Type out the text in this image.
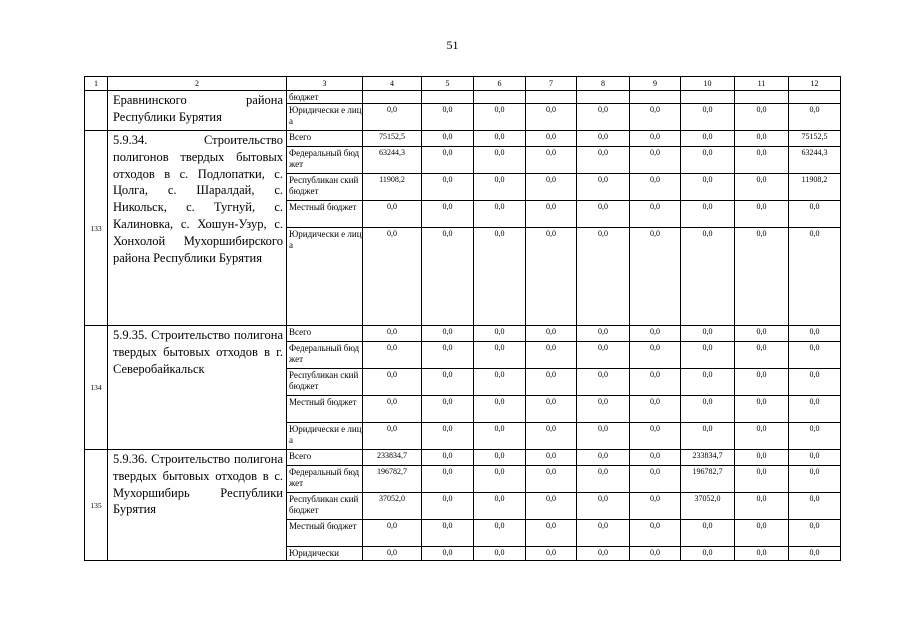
51
1	2	3	4	5	6	7	8	9	10	11	12

	Еравнинского района Республики Бурятия	бюджет									
		Юридически е лица	0,0	0,0	0,0	0,0	0,0	0,0	0,0	0,0	0,0
133	5.9.34. Строительство полигонов твердых бытовых отходов в с. Подлопатки, с. Цолга, с. Шаралдай, с. Никольск, с. Тугнуй, с. Калиновка, с. Хошун-Узур, с. Хонхолой Мухоршибирского района Республики Бурятия	Всего	75152,5	0,0	0,0	0,0	0,0	0,0	0,0	0,0	75152,5
		Федеральный бюджет	63244,3	0,0	0,0	0,0	0,0	0,0	0,0	0,0	63244,3
		Республикан ский бюджет	11908,2	0,0	0,0	0,0	0,0	0,0	0,0	0,0	11908,2
		Местный бюджет	0,0	0,0	0,0	0,0	0,0	0,0	0,0	0,0	0,0
		Юридически е лица	0,0	0,0	0,0	0,0	0,0	0,0	0,0	0,0	0,0
134	5.9.35. Строительство полигона твердых бытовых отходов в г. Северобайкальск	Всего	0,0	0,0	0,0	0,0	0,0	0,0	0,0	0,0	0,0
		Федеральный бюджет	0,0	0,0	0,0	0,0	0,0	0,0	0,0	0,0	0,0
		Республикан ский бюджет	0,0	0,0	0,0	0,0	0,0	0,0	0,0	0,0	0,0
		Местный бюджет	0,0	0,0	0,0	0,0	0,0	0,0	0,0	0,0	0,0
		Юридически е лица	0,0	0,0	0,0	0,0	0,0	0,0	0,0	0,0	0,0
135	5.9.36. Строительство полигона твердых бытовых отходов в с. Мухоршибирь Республики Бурятия	Всего	233834,7	0,0	0,0	0,0	0,0	0,0	233834,7	0,0	0,0
		Федеральный бюджет	196782,7	0,0	0,0	0,0	0,0	0,0	196782,7	0,0	0,0
		Республикан ский бюджет	37052,0	0,0	0,0	0,0	0,0	0,0	37052,0	0,0	0,0
		Местный бюджет	0,0	0,0	0,0	0,0	0,0	0,0	0,0	0,0	0,0
		Юридически	0,0	0,0	0,0	0,0	0,0	0,0	0,0	0,0	0,0
